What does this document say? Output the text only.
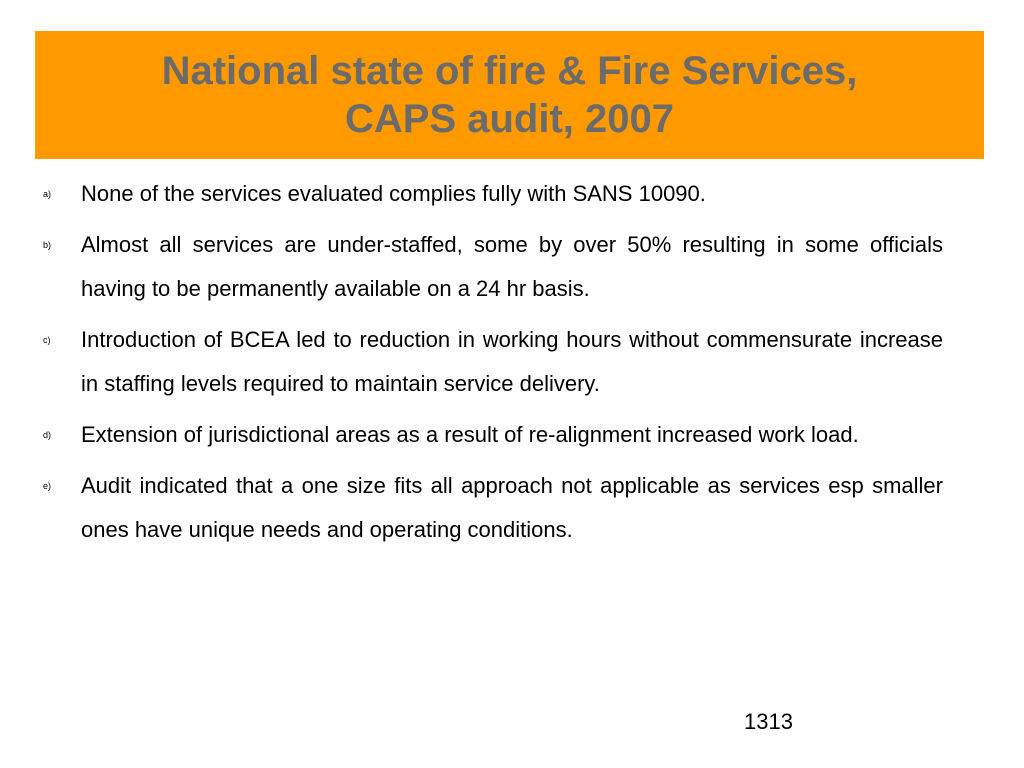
National state of fire & Fire Services,
CAPS audit, 2007
a) None of the services evaluated complies fully with SANS 10090.
b) Almost all services are under-staffed, some by over 50% resulting in some officials having to be permanently available on a 24 hr basis.
c) Introduction of BCEA led to reduction in working hours without commensurate increase in staffing levels required to maintain service delivery.
d) Extension of jurisdictional areas as a result of re-alignment increased work load.
e) Audit indicated that a one size fits all approach not applicable as services esp smaller ones have unique needs and operating conditions.
1313
